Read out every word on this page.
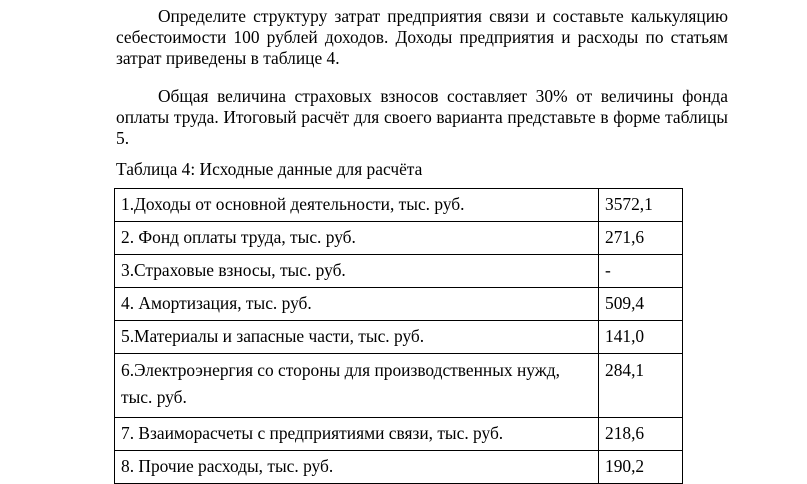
Определите структуру затрат предприятия связи и составьте калькуляцию себестоимости 100 рублей доходов. Доходы предприятия и расходы по статьям затрат приведены в таблице 4.

Общая величина страховых взносов составляет 30% от величины фонда оплаты труда. Итоговый расчёт для своего варианта представьте в форме таблицы 5.

Таблица 4: Исходные данные для расчёта

1.Доходы от основной деятельности, тыс. руб.	3572,1
2. Фонд оплаты труда, тыс. руб.	271,6
3.Страховые взносы, тыс. руб.	-
4. Амортизация, тыс. руб.	509,4
5.Материалы и запасные части, тыс. руб.	141,0
6.Электроэнергия со стороны для производственных нужд, тыс. руб.	284,1
7. Взаиморасчеты с предприятиями связи, тыс. руб.	218,6
8. Прочие расходы, тыс. руб.	190,2
